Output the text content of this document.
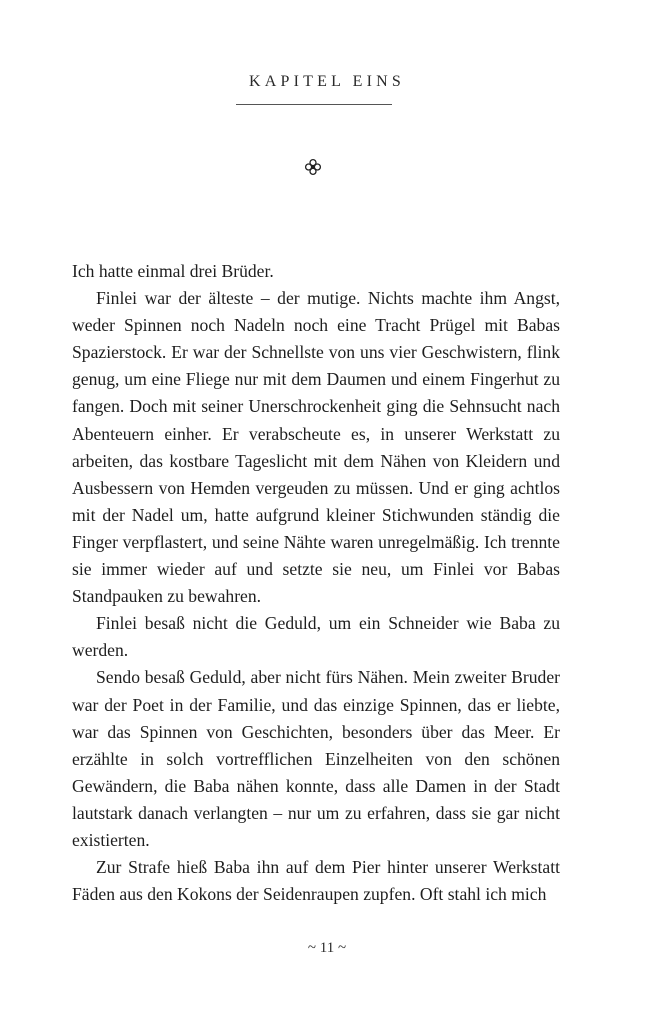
KAPITEL EINS

Ich hatte einmal drei Brüder.

Finlei war der älteste – der mutige. Nichts machte ihm Angst, weder Spinnen noch Nadeln noch eine Tracht Prügel mit Babas Spazierstock. Er war der Schnellste von uns vier Geschwistern, flink genug, um eine Fliege nur mit dem Daumen und einem Fingerhut zu fangen. Doch mit seiner Unerschrockenheit ging die Sehnsucht nach Abenteuern einher. Er verabscheute es, in unserer Werkstatt zu arbeiten, das kostbare Tageslicht mit dem Nähen von Kleidern und Ausbessern von Hemden vergeuden zu müssen. Und er ging achtlos mit der Nadel um, hatte aufgrund kleiner Stichwunden ständig die Finger verpflastert, und seine Nähte waren unregelmäßig. Ich trennte sie immer wieder auf und setzte sie neu, um Finlei vor Babas Standpauken zu bewahren.

Finlei besaß nicht die Geduld, um ein Schneider wie Baba zu werden.

Sendo besaß Geduld, aber nicht fürs Nähen. Mein zweiter Bruder war der Poet in der Familie, und das einzige Spinnen, das er liebte, war das Spinnen von Geschichten, besonders über das Meer. Er erzählte in solch vortrefflichen Einzelheiten von den schönen Gewändern, die Baba nähen konnte, dass alle Damen in der Stadt lautstark danach verlangten – nur um zu erfahren, dass sie gar nicht existierten.

Zur Strafe hieß Baba ihn auf dem Pier hinter unserer Werkstatt Fäden aus den Kokons der Seidenraupen zupfen. Oft stahl ich mich

~ 11 ~
